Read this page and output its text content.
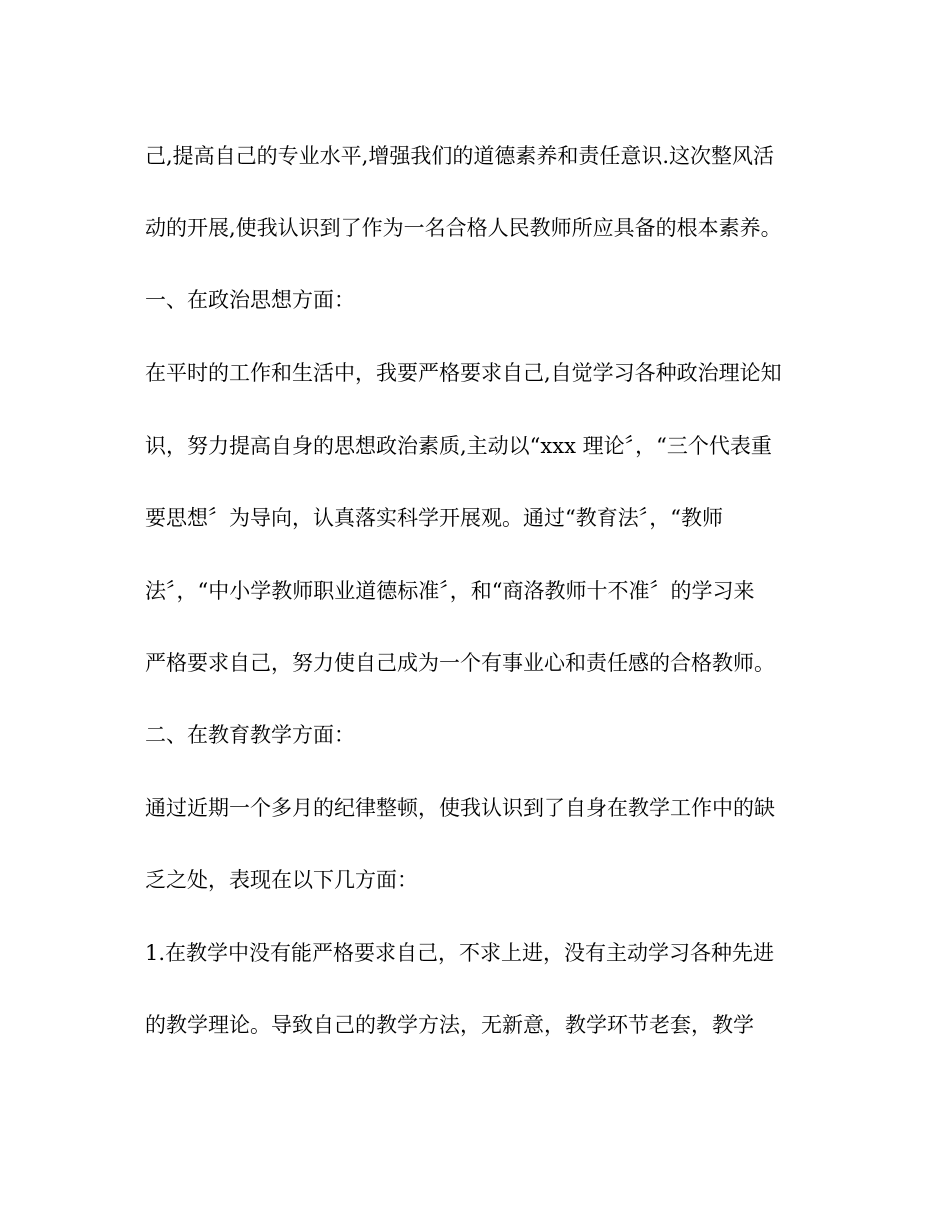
己,提高自己的专业水平,增强我们的道德素养和责任意识.这次整风活
动的开展,使我认识到了作为一名合格人民教师所应具备的根本素养。
一、在政治思想方面：
在平时的工作和生活中，我要严格要求自己,自觉学习各种政治理论知
识，努力提高自身的思想政治素质,主动以“xxx 理论〞，“三个代表重
要思想〞为导向，认真落实科学开展观。通过“教育法〞，“教师
法〞，“中小学教师职业道德标准〞，和“商洛教师十不准〞的学习来
严格要求自己，努力使自己成为一个有事业心和责任感的合格教师。
二、在教育教学方面：
通过近期一个多月的纪律整顿，使我认识到了自身在教学工作中的缺
乏之处，表现在以下几方面：
1.在教学中没有能严格要求自己，不求上进，没有主动学习各种先进
的教学理论。导致自己的教学方法，无新意，教学环节老套，教学
